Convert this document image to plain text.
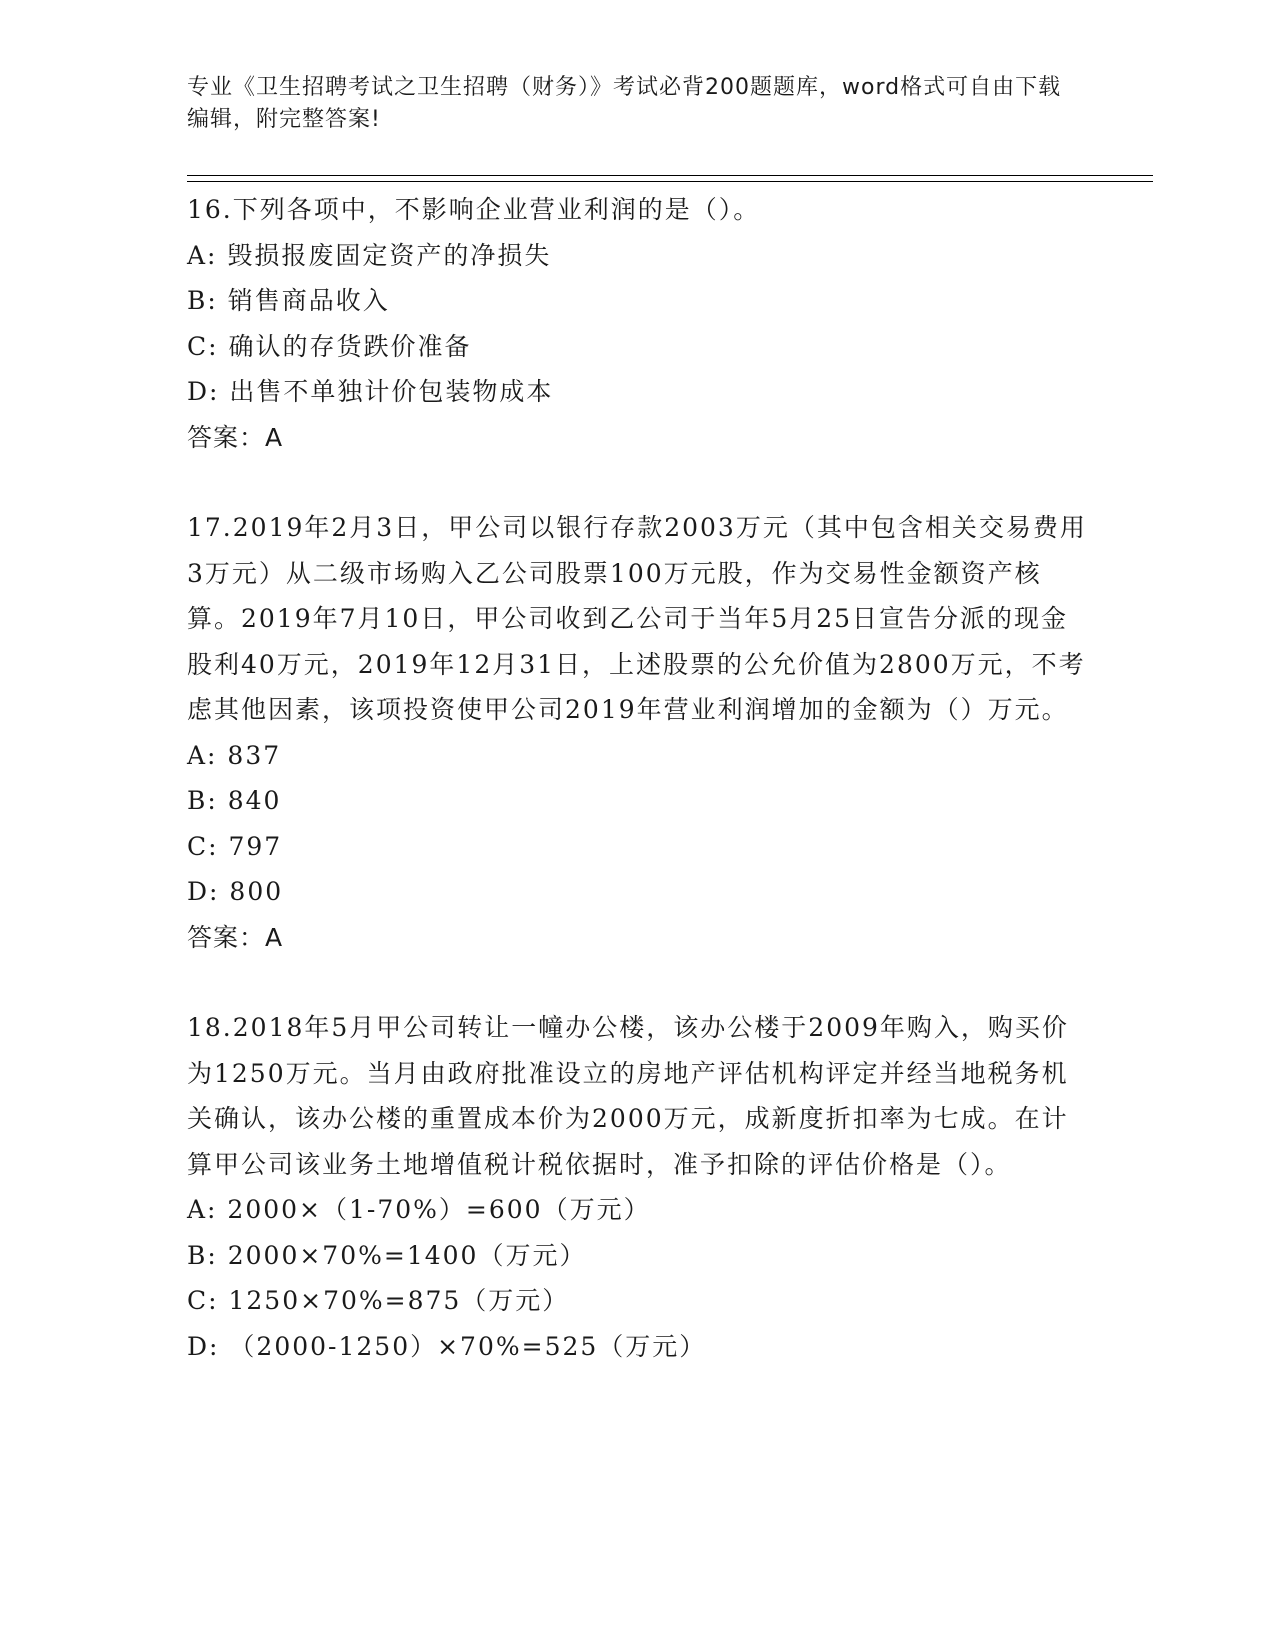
专业《卫生招聘考试之卫生招聘（财务）》考试必背200题题库，word格式可自由下载编辑，附完整答案!

16.下列各项中，不影响企业营业利润的是（）。

A: 毁损报废固定资产的净损失

B: 销售商品收入

C: 确认的存货跌价准备

D: 出售不单独计价包装物成本

答案：A

17.2019年2月3日，甲公司以银行存款2003万元（其中包含相关交易费用3万元）从二级市场购入乙公司股票100万元股，作为交易性金额资产核算。2019年7月10日，甲公司收到乙公司于当年5月25日宣告分派的现金股利40万元，2019年12月31日，上述股票的公允价值为2800万元，不考虑其他因素，该项投资使甲公司2019年营业利润增加的金额为（）万元。

A: 837

B: 840

C: 797

D: 800

答案：A

18.2018年5月甲公司转让一幢办公楼，该办公楼于2009年购入，购买价为1250万元。当月由政府批准设立的房地产评估机构评定并经当地税务机关确认，该办公楼的重置成本价为2000万元，成新度折扣率为七成。在计算甲公司该业务土地增值税计税依据时，准予扣除的评估价格是（）。

A: 2000×（1-70%）=600（万元）

B: 2000×70%=1400（万元）

C: 1250×70%=875（万元）

D: （2000-1250）×70%=525（万元）
